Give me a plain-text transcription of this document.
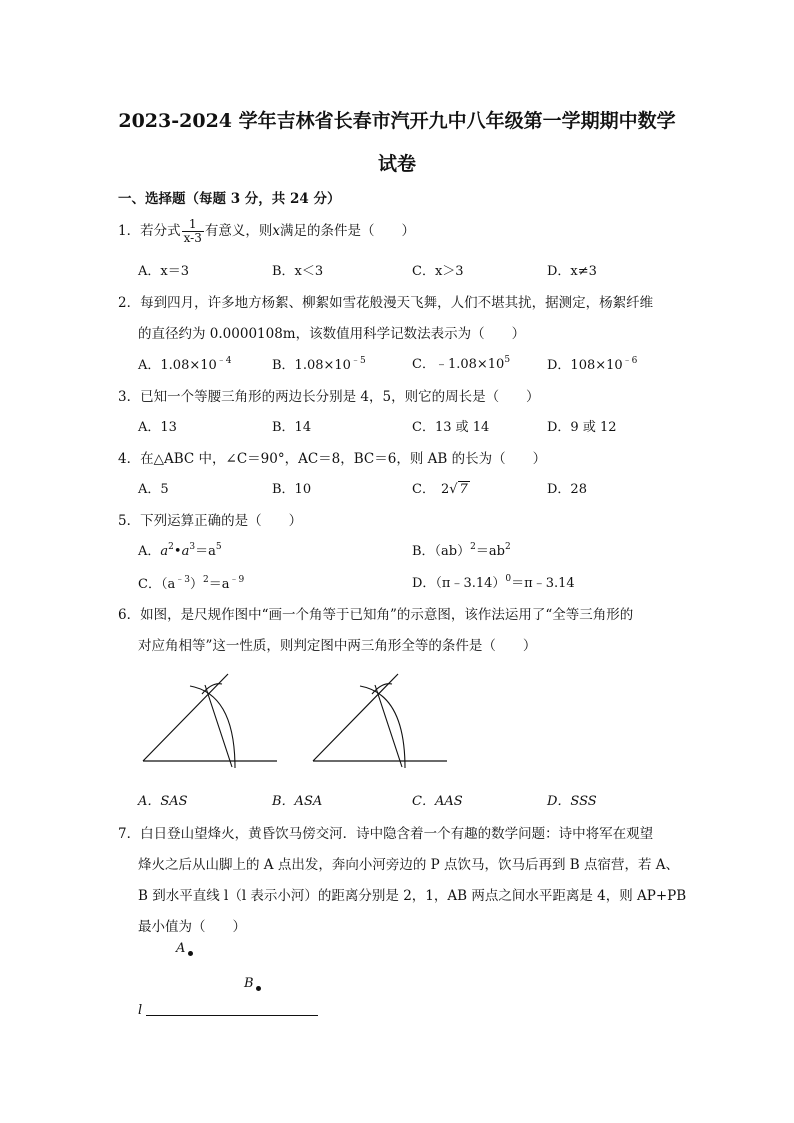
2023-2024 学年吉林省长春市汽开九中八年级第一学期期中数学
试卷
一、选择题（每题 3 分，共 24 分）
1．若分式 $\frac{1}{x-3}$ 有意义，则x满足的条件是（　　）
A．x＝3	B．x＜3	C．x＞3	D．x≠3
2．每到四月，许多地方杨絮、柳絮如雪花般漫天飞舞，人们不堪其扰，据测定，杨絮纤维
的直径约为 0.0000108m，该数值用科学记数法表示为（　　）
A．$1.08\times 10^{﹣4}$	B．$1.08\times 10^{﹣5}$	C．$﹣1.08\times 10^5$	D．$108\times 10^{﹣6}$
3．已知一个等腰三角形的两边长分别是 4，5，则它的周长是（　　）
A．13	B．14	C．13 或 14	D．9 或 12
4．在△ABC 中，∠C＝90°，AC＝8，BC＝6，则 AB 的长为（　　）
A．5	B．10	C． 2√ 7	D．28
5．下列运算正确的是（　　）
A．$a^2•a^3=a^5$	B．$(ab)^2=ab^2$
C．$(a^{﹣3})^2=a^{﹣9}$	D．（π﹣3.14）$^0$＝π﹣3.14
6．如图，是尺规作图中“画一个角等于已知角”的示意图，该作法运用了“全等三角形的
对应角相等”这一性质，则判定图中两三角形全等的条件是（　　）
A．SAS	B．ASA	C．AAS	D．SSS
7．白日登山望烽火，黄昏饮马傍交河．诗中隐含着一个有趣的数学问题：诗中将军在观望
烽火之后从山脚上的 A 点出发，奔向小河旁边的 P 点饮马，饮马后再到 B 点宿营，若 A、
B 到水平直线 l（l 表示小河）的距离分别是 2，1，AB 两点之间水平距离是 4，则 AP+PB
最小值为（　　）
A
B
l
